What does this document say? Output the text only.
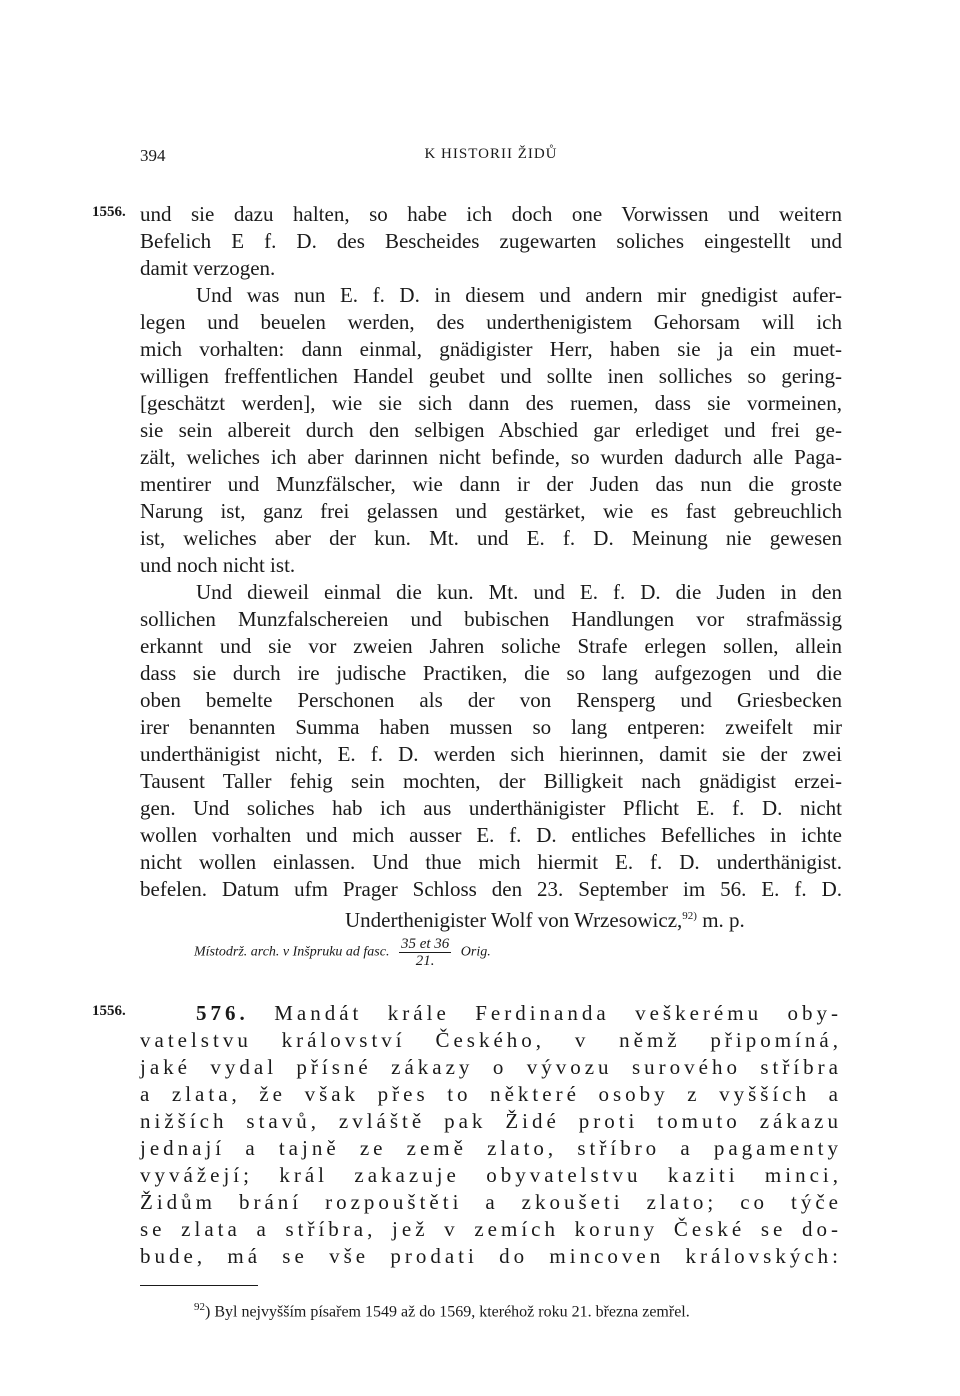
394	K HISTORII ŽIDŮ
1556. und sie dazu halten, so habe ich doch one Vorwissen und weitern
Befelich E f. D. des Bescheides zugewarten soliches eingestellt und
damit verzogen.
Und was nun E. f. D. in diesem und andern mir gnedigist aufer-
legen und beuelen werden, des underthenigistem Gehorsam will ich
mich vorhalten: dann einmal, gnädigister Herr, haben sie ja ein muet-
willigen freffentlichen Handel geubet und sollte inen solliches so gering-
[geschätzt werden], wie sie sich dann des ruemen, dass sie vormeinen,
sie sein albereit durch den selbigen Abschied gar erlediget und frei ge-
zält, weliches ich aber darinnen nicht befinde, so wurden dadurch alle Paga-
mentirer und Munzfälscher, wie dann ir der Juden das nun die groste
Narung ist, ganz frei gelassen und gestärket, wie es fast gebreuchlich
ist, weliches aber der kun. Mt. und E. f. D. Meinung nie gewesen
und noch nicht ist.
Und dieweil einmal die kun. Mt. und E. f. D. die Juden in den
sollichen Munzfalschereien und bubischen Handlungen vor strafmässig
erkannt und sie vor zweien Jahren soliche Strafe erlegen sollen, allein
dass sie durch ire judische Practiken, die so lang aufgezogen und die
oben bemelte Perschonen als der von Rensperg und Griesbecken
irer benannten Summa haben mussen so lang entperen: zweifelt mir
underthänigist nicht, E. f. D. werden sich hierinnen, damit sie der zwei
Tausent Taller fehig sein mochten, der Billigkeit nach gnädigist erzei-
gen. Und soliches hab ich aus underthänigister Pflicht E. f. D. nicht
wollen vorhalten und mich ausser E. f. D. entliches Befelliches in ichte
nicht wollen einlassen. Und thue mich hiermit E. f. D. underthänigist.
befelen. Datum ufm Prager Schloss den 23. September im 56. E. f. D.
Underthenigister Wolf von Wrzesowicz,$^{92)}$ m. p.
Místodrž. arch. v Inšpruku ad fasc. $\frac{35 et 36}{21.}$ Orig.
1556.	576. Mandát krále Ferdinanda veškerému oby-
vatelstvu království Českého, v němž připomíná,
jaké vydal přísné zákazy o vývozu surového stříbra
a zlata, že však přes to některé osoby z vyšších a
nižších stavů, zvláště pak Židé proti tomuto zákazu
jednají a tajně ze země zlato, stříbro a pagamenty
vyvážejí; král zakazuje obyvatelstvu kaziti minci,
Židům brání rozpouštěti a zkoušeti zlato; co týče
se zlata a stříbra, jež v zemích koruny České se do-
bude, má se vše prodati do mincoven královských:
$^{92}$) Byl nejvyšším písařem 1549 až do 1569, kteréhož roku 21. března zemřel.
